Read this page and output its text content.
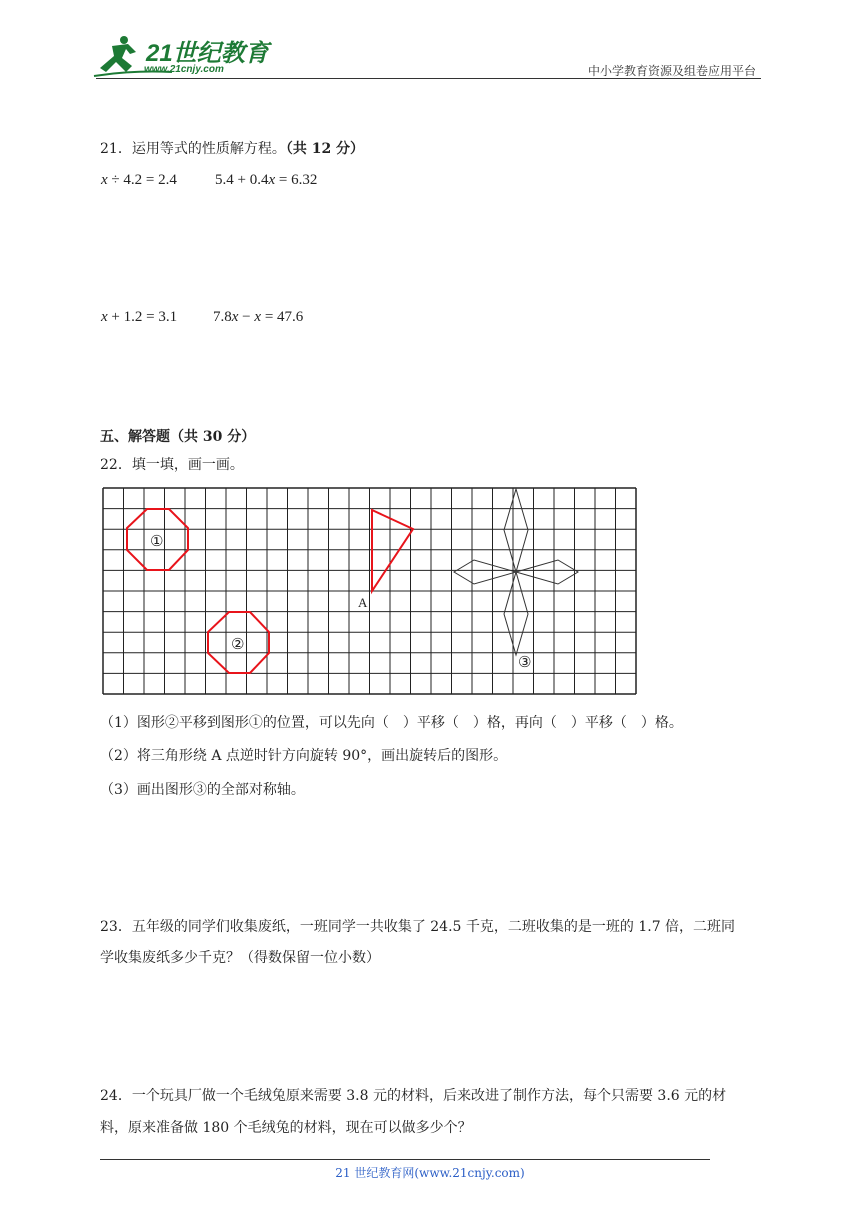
21世纪教育
www.21cnjy.com	中小学教育资源及组卷应用平台
21．运用等式的性质解方程。（共 12 分）
x ÷ 4.2 = 2.4	5.4 + 0.4x = 6.32
x + 1.2 = 3.1 7.8x − x = 47.6
五、解答题（共 30 分）
22．填一填，画一画。
①
②
A
③
（1）图形②平移到图形①的位置，可以先向（　）平移（　）格，再向（　）平移（　）格。
（2）将三角形绕 A 点逆时针方向旋转 90°，画出旋转后的图形。
（3）画出图形③的全部对称轴。
23．五年级的同学们收集废纸，一班同学一共收集了 24.5 千克，二班收集的是一班的 1.7 倍，二班同
学收集废纸多少千克？（得数保留一位小数）
24．一个玩具厂做一个毛绒兔原来需要 3.8 元的材料，后来改进了制作方法，每个只需要 3.6 元的材
料，原来准备做 180 个毛绒兔的材料，现在可以做多少个？
21 世纪教育网(www.21cnjy.com)
